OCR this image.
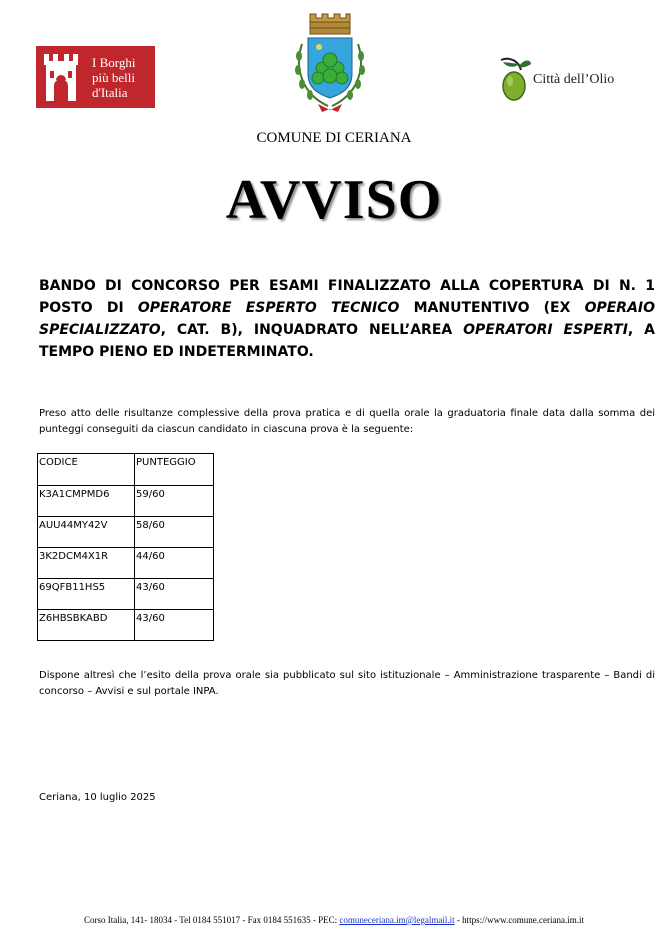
I Borghi
più belli
d'Italia
Città dell’Olio
COMUNE DI CERIANA
AVVISO
BANDO DI CONCORSO PER ESAMI FINALIZZATO ALLA COPERTURA DI N. 1 POSTO DI OPERATORE ESPERTO TECNICO MANUTENTIVO (EX OPERAIO SPECIALIZZATO, CAT. B), INQUADRATO NELL’AREA OPERATORI ESPERTI, A TEMPO PIENO ED INDETERMINATO.
Preso atto delle risultanze complessive della prova pratica e di quella orale la graduatoria finale data dalla somma dei punteggi conseguiti da ciascun candidato in ciascuna prova è la seguente:
CODICE	PUNTEGGIO
K3A1CMPMD6	59/60
AUU44MY42V	58/60
3K2DCM4X1R	44/60
69QFB11HS5	43/60
Z6HBSBKABD	43/60
Dispone altresì che l’esito della prova orale sia pubblicato sul sito istituzionale – Amministrazione trasparente – Bandi di concorso – Avvisi e sul portale INPA.
Ceriana, 10 luglio 2025
Corso Italia, 141- 18034 - Tel 0184 551017 - Fax 0184 551635 - PEC: comuneceriana.im@legalmail.it - https://www.comune.ceriana.im.it
